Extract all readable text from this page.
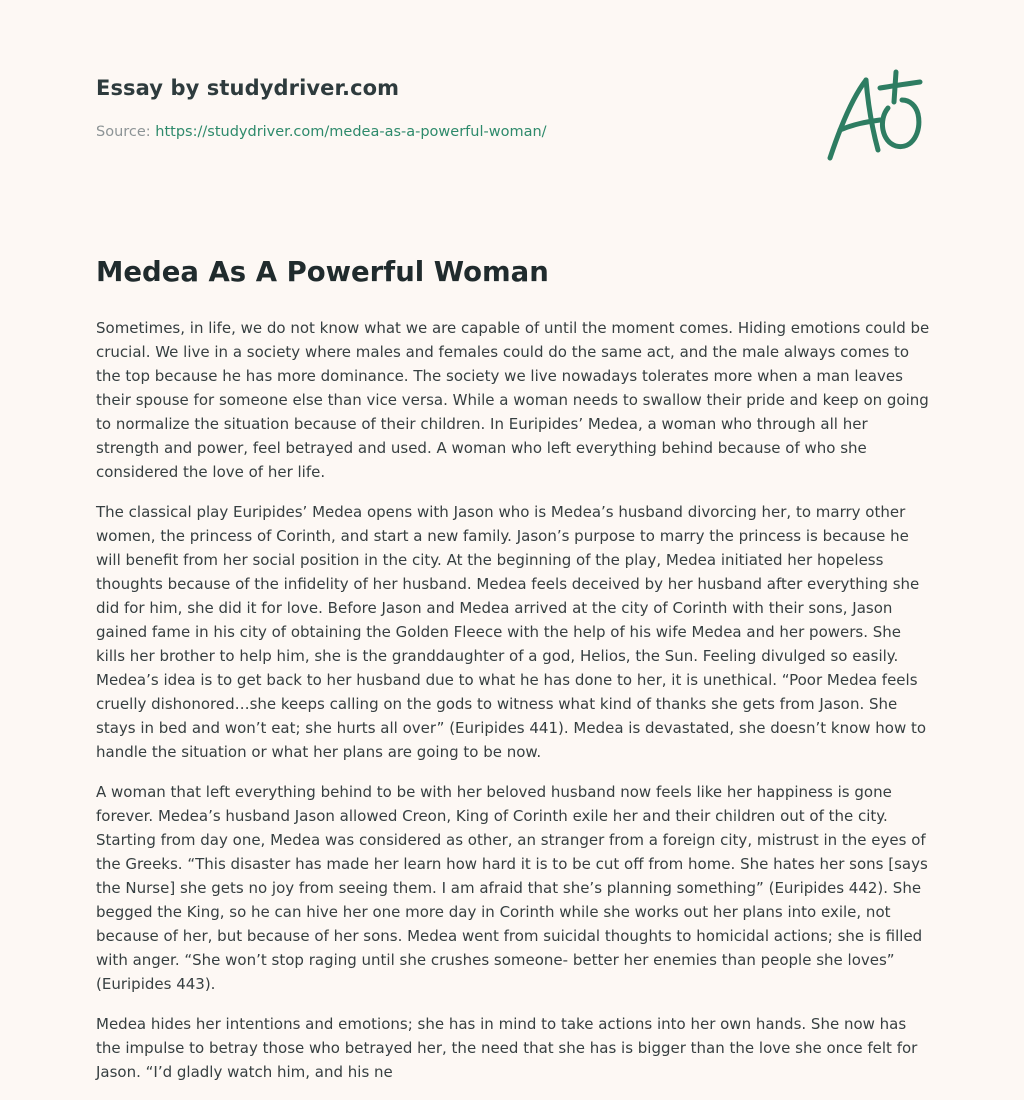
Essay by studydriver.com
Source: https://studydriver.com/medea-as-a-powerful-woman/
Medea As A Powerful Woman

Sometimes, in life, we do not know what we are capable of until the moment comes. Hiding emotions could be crucial. We live in a society where males and females could do the same act, and the male always comes to the top because he has more dominance. The society we live nowadays tolerates more when a man leaves their spouse for someone else than vice versa. While a woman needs to swallow their pride and keep on going to normalize the situation because of their children. In Euripides’ Medea, a woman who through all her strength and power, feel betrayed and used. A woman who left everything behind because of who she considered the love of her life.

The classical play Euripides’ Medea opens with Jason who is Medea’s husband divorcing her, to marry other women, the princess of Corinth, and start a new family. Jason’s purpose to marry the princess is because he will benefit from her social position in the city. At the beginning of the play, Medea initiated her hopeless thoughts because of the infidelity of her husband. Medea feels deceived by her husband after everything she did for him, she did it for love. Before Jason and Medea arrived at the city of Corinth with their sons, Jason gained fame in his city of obtaining the Golden Fleece with the help of his wife Medea and her powers. She kills her brother to help him, she is the granddaughter of a god, Helios, the Sun. Feeling divulged so easily. Medea’s idea is to get back to her husband due to what he has done to her, it is unethical. “Poor Medea feels cruelly dishonored…she keeps calling on the gods to witness what kind of thanks she gets from Jason. She stays in bed and won’t eat; she hurts all over” (Euripides 441). Medea is devastated, she doesn’t know how to handle the situation or what her plans are going to be now.

A woman that left everything behind to be with her beloved husband now feels like her happiness is gone forever. Medea’s husband Jason allowed Creon, King of Corinth exile her and their children out of the city. Starting from day one, Medea was considered as other, an stranger from a foreign city, mistrust in the eyes of the Greeks. “This disaster has made her learn how hard it is to be cut off from home. She hates her sons [says the Nurse] she gets no joy from seeing them. I am afraid that she’s planning something” (Euripides 442). She begged the King, so he can hive her one more day in Corinth while she works out her plans into exile, not because of her, but because of her sons. Medea went from suicidal thoughts to homicidal actions; she is filled with anger. “She won’t stop raging until she crushes someone- better her enemies than people she loves” (Euripides 443).

Medea hides her intentions and emotions; she has in mind to take actions into her own hands. She now has the impulse to betray those who betrayed her, the need that she has is bigger than the love she once felt for Jason. “I’d gladly watch him, and his ne
